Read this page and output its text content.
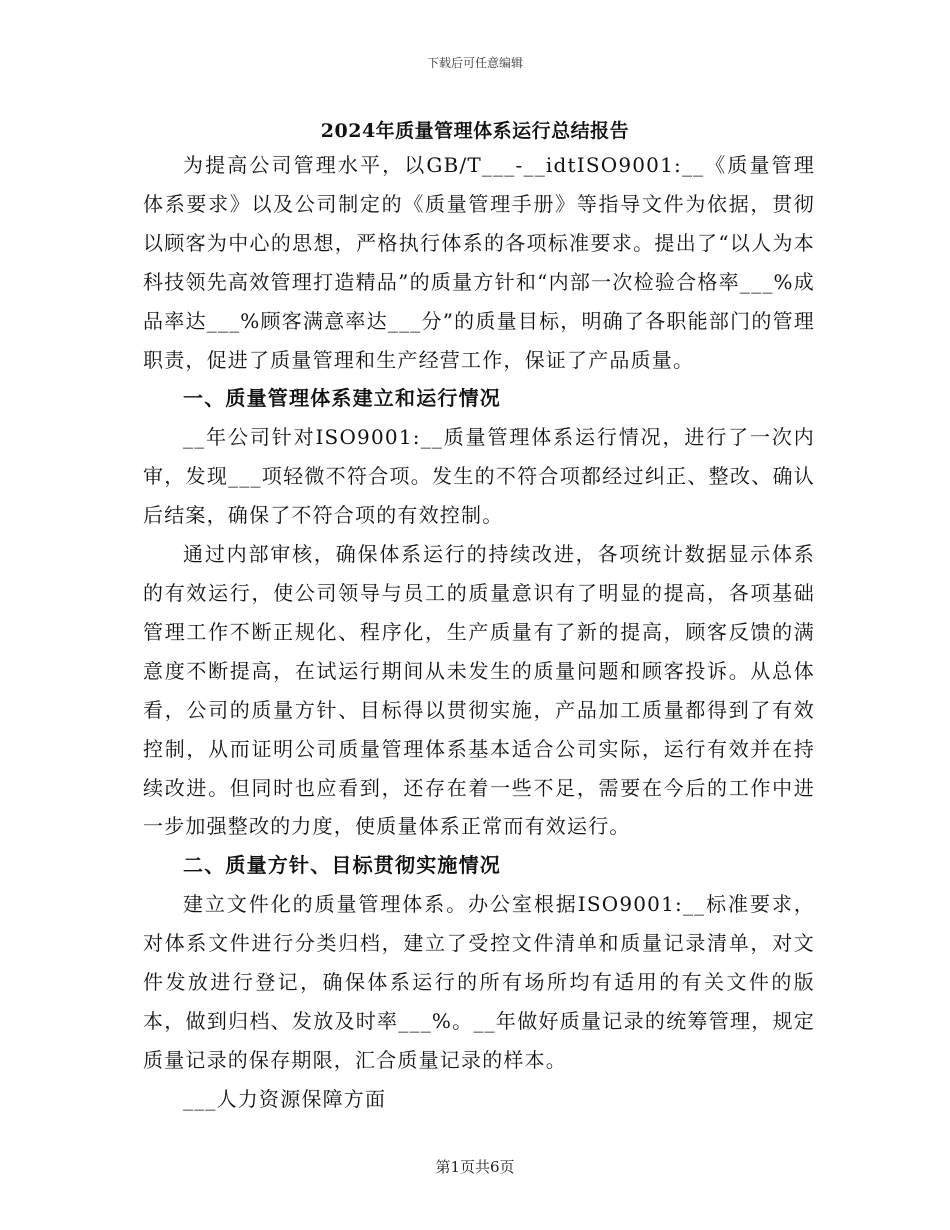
下载后可任意编辑
2024年质量管理体系运行总结报告

为提高公司管理水平，以GB/T___-__idtISO9001:__《质量管理体系要求》以及公司制定的《质量管理手册》等指导文件为依据，贯彻以顾客为中心的思想，严格执行体系的各项标准要求。提出了“以人为本科技领先高效管理打造精品”的质量方针和“内部一次检验合格率___%成品率达___%顾客满意率达___分”的质量目标，明确了各职能部门的管理职责，促进了质量管理和生产经营工作，保证了产品质量。

一、质量管理体系建立和运行情况

__年公司针对ISO9001:__质量管理体系运行情况，进行了一次内审，发现___项轻微不符合项。发生的不符合项都经过纠正、整改、确认后结案，确保了不符合项的有效控制。

通过内部审核，确保体系运行的持续改进，各项统计数据显示体系的有效运行，使公司领导与员工的质量意识有了明显的提高，各项基础管理工作不断正规化、程序化，生产质量有了新的提高，顾客反馈的满意度不断提高，在试运行期间从未发生的质量问题和顾客投诉。从总体看，公司的质量方针、目标得以贯彻实施，产品加工质量都得到了有效控制，从而证明公司质量管理体系基本适合公司实际，运行有效并在持续改进。但同时也应看到，还存在着一些不足，需要在今后的工作中进一步加强整改的力度，使质量体系正常而有效运行。

二、质量方针、目标贯彻实施情况

建立文件化的质量管理体系。办公室根据ISO9001:__标准要求，对体系文件进行分类归档，建立了受控文件清单和质量记录清单，对文件发放进行登记，确保体系运行的所有场所均有适用的有关文件的版本，做到归档、发放及时率___%。__年做好质量记录的统筹管理，规定质量记录的保存期限，汇合质量记录的样本。

___人力资源保障方面

第1页共6页
